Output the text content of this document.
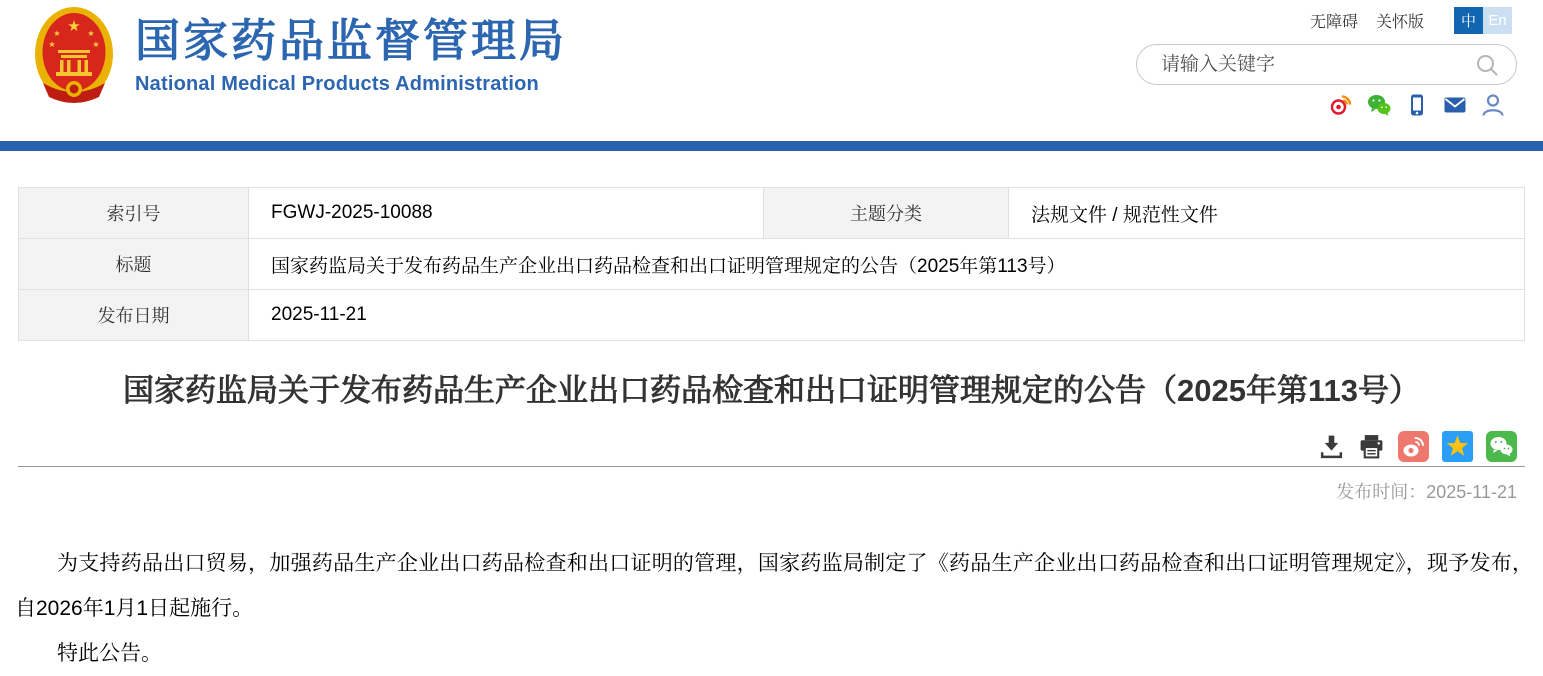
★
★	★
★	★ 国家药品监督管理局
National Medical Products Administration
无障碍 关怀版	中 En
请输入关键字
索引号	FGWJ-2025-10088	主题分类	法规文件 / 规范性文件
标题	国家药监局关于发布药品生产企业出口药品检查和出口证明管理规定的公告（2025年第113号）		
发布日期	2025-11-21		
国家药监局关于发布药品生产企业出口药品检查和出口证明管理规定的公告（2025年第113号）
发布时间：2025-11-21

为支持药品出口贸易，加强药品生产企业出口药品检查和出口证明的管理，国家药监局制定了《药品生产企业出口药品检查和出口证明管理规定》，现予发布，自2026年1月1日起施行。

特此公告。
